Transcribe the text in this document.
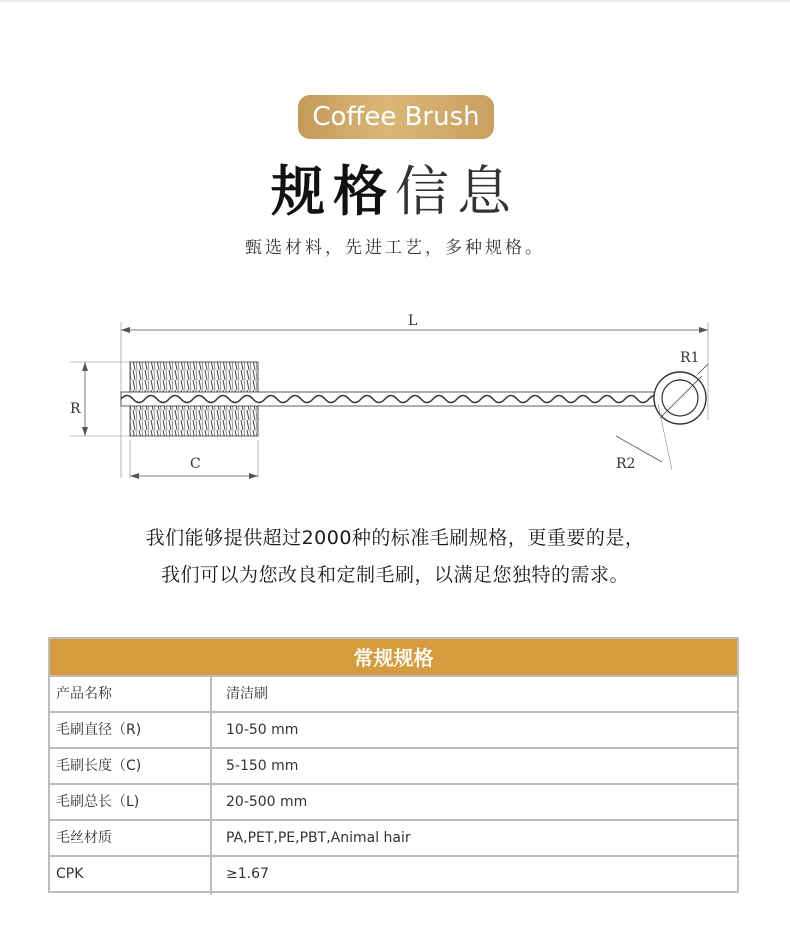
Coffee Brush
规格信息
甄选材料，先进工艺，多种规格。
L
R
R1
R2
C
我们能够提供超过2000种的标准毛刷规格，更重要的是，
我们可以为您改良和定制毛刷，以满足您独特的需求。
常规规格
产品名称	清洁刷
毛刷直径（R)	10-50 mm
毛刷长度（C)	5-150 mm
毛刷总长（L)	20-500 mm
毛丝材质	PA,PET,PE,PBT,Animal hair
CPK	≥1.67
